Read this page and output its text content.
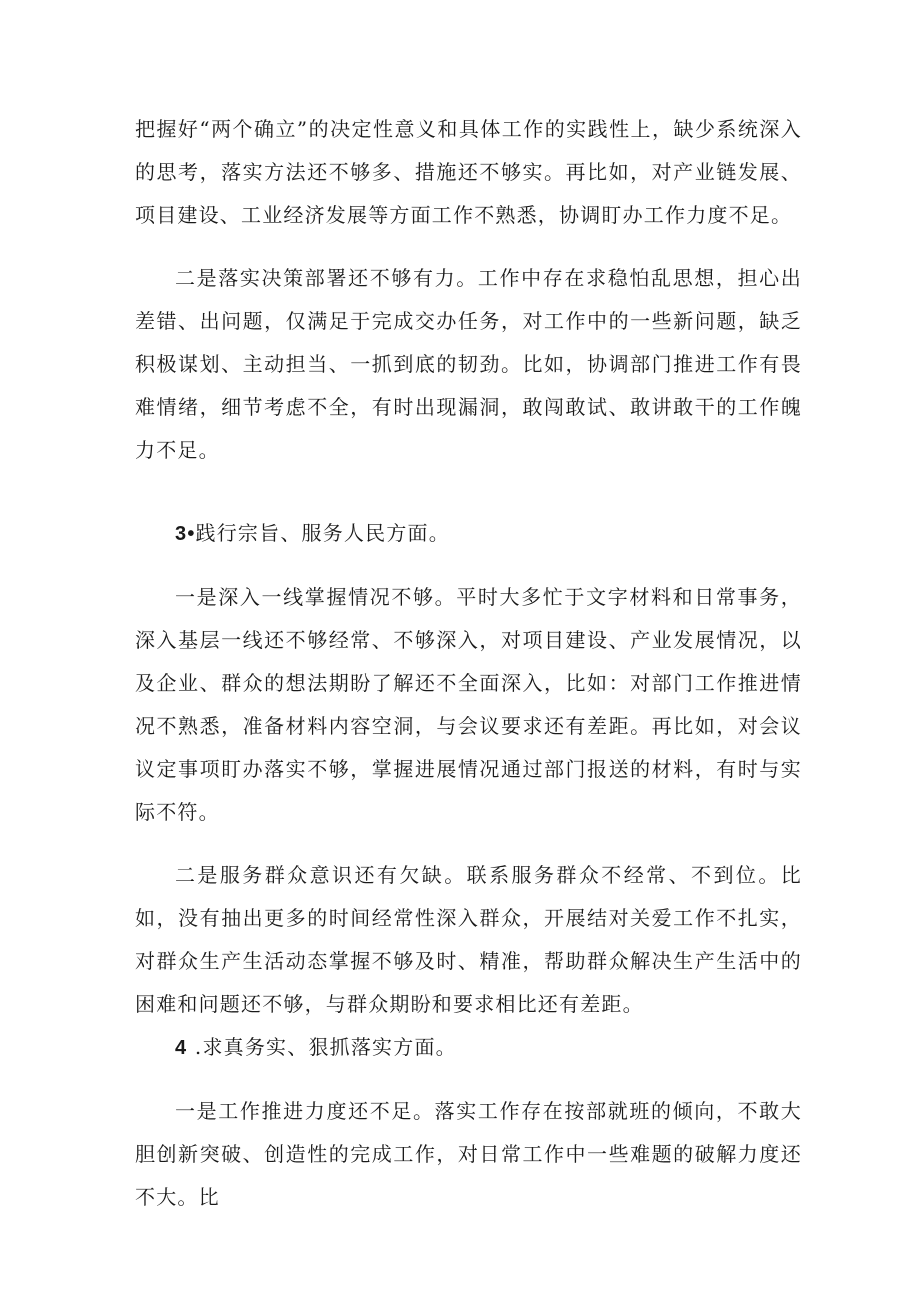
把握好“两个确立”的决定性意义和具体工作的实践性上，缺少系统深入的思考，落实方法还不够多、措施还不够实。再比如，对产业链发展、项目建设、工业经济发展等方面工作不熟悉，协调盯办工作力度不足。

二是落实决策部署还不够有力。工作中存在求稳怕乱思想，担心出差错、出问题，仅满足于完成交办任务，对工作中的一些新问题，缺乏积极谋划、主动担当、一抓到底的韧劲。比如，协调部门推进工作有畏难情绪，细节考虑不全，有时出现漏洞，敢闯敢试、敢讲敢干的工作魄力不足。

3•践行宗旨、服务人民方面。

一是深入一线掌握情况不够。平时大多忙于文字材料和日常事务，深入基层一线还不够经常、不够深入，对项目建设、产业发展情况，以及企业、群众的想法期盼了解还不全面深入，比如：对部门工作推进情况不熟悉，准备材料内容空洞，与会议要求还有差距。再比如，对会议议定事项盯办落实不够，掌握进展情况通过部门报送的材料，有时与实际不符。

二是服务群众意识还有欠缺。联系服务群众不经常、不到位。比如，没有抽出更多的时间经常性深入群众，开展结对关爱工作不扎实，对群众生产生活动态掌握不够及时、精准，帮助群众解决生产生活中的困难和问题还不够，与群众期盼和要求相比还有差距。

4 .求真务实、狠抓落实方面。

一是工作推进力度还不足。落实工作存在按部就班的倾向，不敢大胆创新突破、创造性的完成工作，对日常工作中一些难题的破解力度还不大。比
